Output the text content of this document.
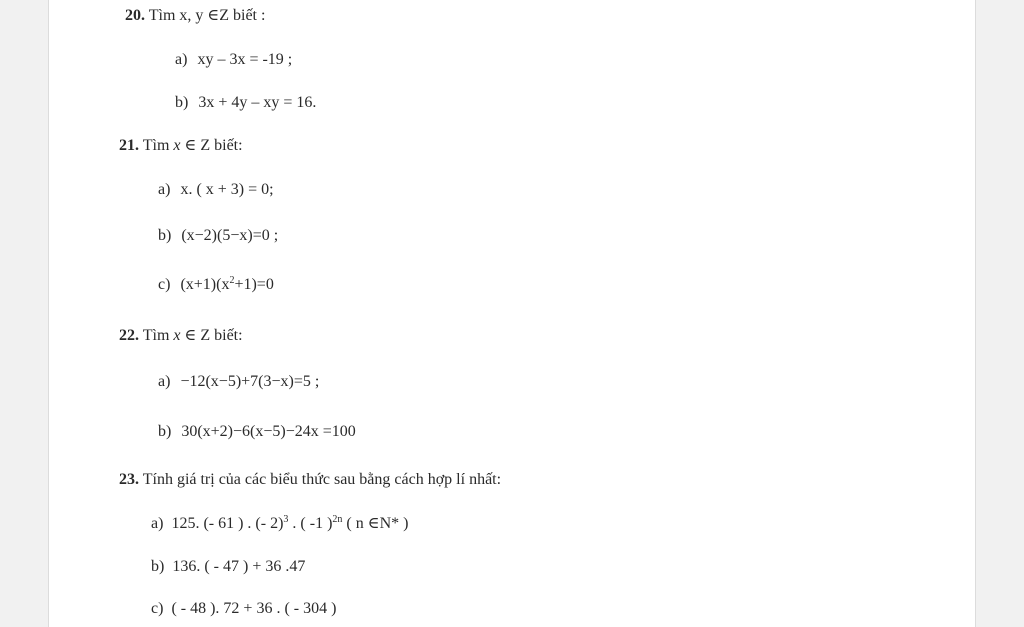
20. Tìm x, y ∈Z biết :
a) xy – 3x = -19 ;
b) 3x + 4y – xy = 16.
21. Tìm x ∈ Z biết:
a) x. ( x + 3) = 0;
b) (x−2)(5−x)=0 ;
c) $(x+1)(x^2+1)=0$
22. Tìm x ∈ Z biết:
a) −12(x−5)+7(3−x)=5 ;
b) 30(x+2)−6(x−5)−24x =100
23. Tính giá trị của các biểu thức sau bằng cách hợp lí nhất:
a) 125. (- 61 ) . (- 2)$^3$ . ( -1 )$^{2n}$ ( n ∈N* )
b) 136. ( - 47 ) + 36 .47
c) ( - 48 ). 72 + 36 . ( - 304 )
